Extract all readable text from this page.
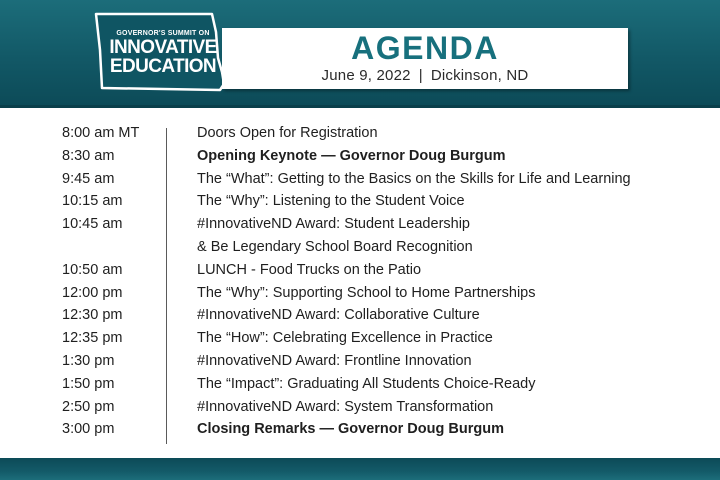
GOVERNOR'S SUMMIT ON
INNOVATIVE
EDUCATION	AGENDA
June 9, 2022 | Dickinson, ND
8:00 am MT	Doors Open for Registration
8:30 am	Opening Keynote — Governor Doug Burgum
9:45 am	The “What”: Getting to the Basics on the Skills for Life and Learning
10:15 am	The “Why”: Listening to the Student Voice
10:45 am	#InnovativeND Award: Student Leadership
& Be Legendary School Board Recognition
10:50 am	LUNCH - Food Trucks on the Patio
12:00 pm	The “Why”: Supporting School to Home Partnerships
12:30 pm	#InnovativeND Award: Collaborative Culture
12:35 pm	The “How”: Celebrating Excellence in Practice
1:30 pm	#InnovativeND Award: Frontline Innovation
1:50 pm	The “Impact”: Graduating All Students Choice-Ready
2:50 pm	#InnovativeND Award: System Transformation
3:00 pm	Closing Remarks — Governor Doug Burgum
